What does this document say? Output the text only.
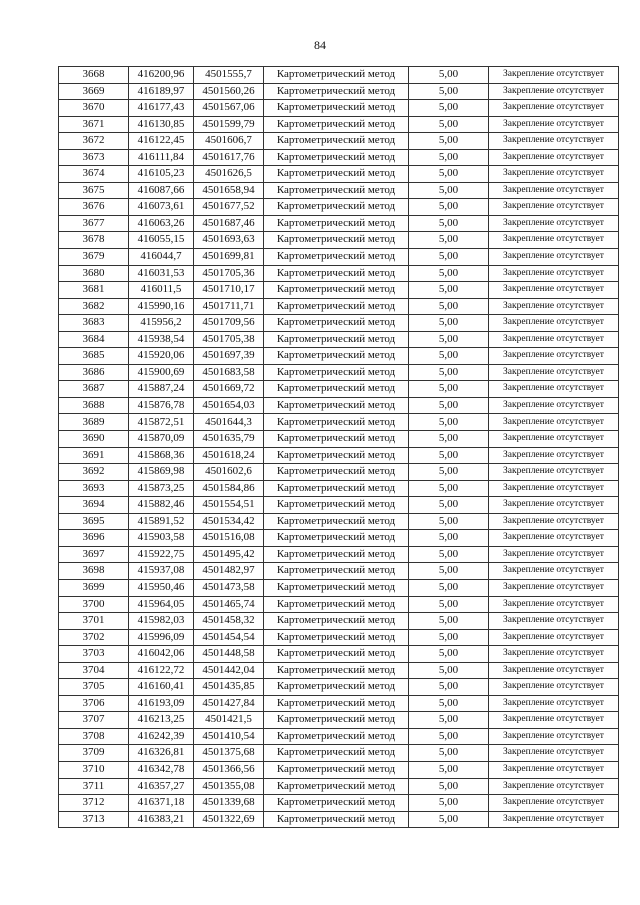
84
3668	416200,96	4501555,7	Картометрический метод	5,00	Закрепление отсутствует
3669	416189,97	4501560,26	Картометрический метод	5,00	Закрепление отсутствует
3670	416177,43	4501567,06	Картометрический метод	5,00	Закрепление отсутствует
3671	416130,85	4501599,79	Картометрический метод	5,00	Закрепление отсутствует
3672	416122,45	4501606,7	Картометрический метод	5,00	Закрепление отсутствует
3673	416111,84	4501617,76	Картометрический метод	5,00	Закрепление отсутствует
3674	416105,23	4501626,5	Картометрический метод	5,00	Закрепление отсутствует
3675	416087,66	4501658,94	Картометрический метод	5,00	Закрепление отсутствует
3676	416073,61	4501677,52	Картометрический метод	5,00	Закрепление отсутствует
3677	416063,26	4501687,46	Картометрический метод	5,00	Закрепление отсутствует
3678	416055,15	4501693,63	Картометрический метод	5,00	Закрепление отсутствует
3679	416044,7	4501699,81	Картометрический метод	5,00	Закрепление отсутствует
3680	416031,53	4501705,36	Картометрический метод	5,00	Закрепление отсутствует
3681	416011,5	4501710,17	Картометрический метод	5,00	Закрепление отсутствует
3682	415990,16	4501711,71	Картометрический метод	5,00	Закрепление отсутствует
3683	415956,2	4501709,56	Картометрический метод	5,00	Закрепление отсутствует
3684	415938,54	4501705,38	Картометрический метод	5,00	Закрепление отсутствует
3685	415920,06	4501697,39	Картометрический метод	5,00	Закрепление отсутствует
3686	415900,69	4501683,58	Картометрический метод	5,00	Закрепление отсутствует
3687	415887,24	4501669,72	Картометрический метод	5,00	Закрепление отсутствует
3688	415876,78	4501654,03	Картометрический метод	5,00	Закрепление отсутствует
3689	415872,51	4501644,3	Картометрический метод	5,00	Закрепление отсутствует
3690	415870,09	4501635,79	Картометрический метод	5,00	Закрепление отсутствует
3691	415868,36	4501618,24	Картометрический метод	5,00	Закрепление отсутствует
3692	415869,98	4501602,6	Картометрический метод	5,00	Закрепление отсутствует
3693	415873,25	4501584,86	Картометрический метод	5,00	Закрепление отсутствует
3694	415882,46	4501554,51	Картометрический метод	5,00	Закрепление отсутствует
3695	415891,52	4501534,42	Картометрический метод	5,00	Закрепление отсутствует
3696	415903,58	4501516,08	Картометрический метод	5,00	Закрепление отсутствует
3697	415922,75	4501495,42	Картометрический метод	5,00	Закрепление отсутствует
3698	415937,08	4501482,97	Картометрический метод	5,00	Закрепление отсутствует
3699	415950,46	4501473,58	Картометрический метод	5,00	Закрепление отсутствует
3700	415964,05	4501465,74	Картометрический метод	5,00	Закрепление отсутствует
3701	415982,03	4501458,32	Картометрический метод	5,00	Закрепление отсутствует
3702	415996,09	4501454,54	Картометрический метод	5,00	Закрепление отсутствует
3703	416042,06	4501448,58	Картометрический метод	5,00	Закрепление отсутствует
3704	416122,72	4501442,04	Картометрический метод	5,00	Закрепление отсутствует
3705	416160,41	4501435,85	Картометрический метод	5,00	Закрепление отсутствует
3706	416193,09	4501427,84	Картометрический метод	5,00	Закрепление отсутствует
3707	416213,25	4501421,5	Картометрический метод	5,00	Закрепление отсутствует
3708	416242,39	4501410,54	Картометрический метод	5,00	Закрепление отсутствует
3709	416326,81	4501375,68	Картометрический метод	5,00	Закрепление отсутствует
3710	416342,78	4501366,56	Картометрический метод	5,00	Закрепление отсутствует
3711	416357,27	4501355,08	Картометрический метод	5,00	Закрепление отсутствует
3712	416371,18	4501339,68	Картометрический метод	5,00	Закрепление отсутствует
3713	416383,21	4501322,69	Картометрический метод	5,00	Закрепление отсутствует
